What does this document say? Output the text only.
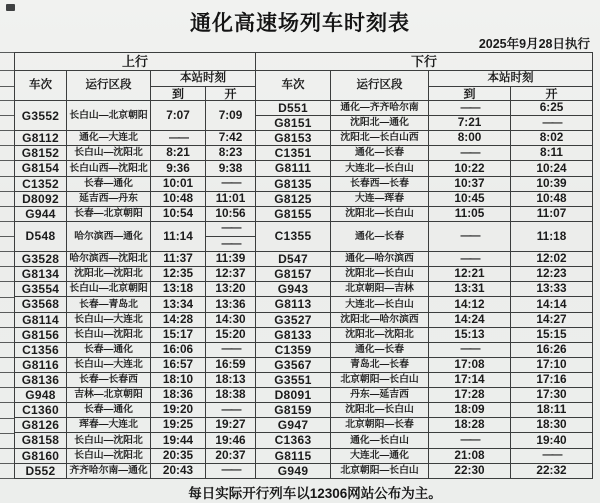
通化高速场列车时刻表
2025年9月28日执行
上行				下行			
车次	运行区段	本站时刻		车次	运行区段	本站时刻	
		到	开			到	开
G3552	长白山—北京朝阳	7:07	7:09	D551	通化—齐齐哈尔南	——	6:25
				G8151	沈阳北—通化	7:21	——
G8112	通化—大连北	——	7:42	G8153	沈阳北—长白山西	8:00	8:02
G8152	长白山—沈阳北	8:21	8:23	C1351	通化—长春	——	8:11
G8154	长白山西—沈阳北	9:36	9:38	G8111	大连北—长白山	10:22	10:24
C1352	长春—通化	10:01	——	G8135	长春西—长春	10:37	10:39
D8092	延吉西—丹东	10:48	11:01	G8125	大连—珲春	10:45	10:48
G944	长春—北京朝阳	10:54	10:56	G8155	沈阳北—长白山	11:05	11:07
D548	哈尔滨西—通化	11:14	——	C1355	通化—长春	——	11:18
			——				
G3528	哈尔滨西—沈阳北	11:37	11:39	D547	通化—哈尔滨西	——	12:02
G8134	沈阳北—沈阳北	12:35	12:37	G8157	沈阳北—长白山	12:21	12:23
G3554	长白山—北京朝阳	13:18	13:20	G943	北京朝阳—吉林	13:31	13:33
G3568	长春—青岛北	13:34	13:36	G8113	大连北—长白山	14:12	14:14
G8114	长白山—大连北	14:28	14:30	G3527	沈阳北—哈尔滨西	14:24	14:27
G8156	长白山—沈阳北	15:17	15:20	G8133	沈阳北—沈阳北	15:13	15:15
C1356	长春—通化	16:06	——	C1359	通化—长春	——	16:26
G8116	长白山—大连北	16:57	16:59	G3567	青岛北—长春	17:08	17:10
G8136	长春—长春西	18:10	18:13	G3551	北京朝阳—长白山	17:14	17:16
G948	吉林—北京朝阳	18:36	18:38	D8091	丹东—延吉西	17:28	17:30
C1360	长春—通化	19:20	——	G8159	沈阳北—长白山	18:09	18:11
G8126	珲春—大连北	19:25	19:27	G947	北京朝阳—长春	18:28	18:30
G8158	长白山—沈阳北	19:44	19:46	C1363	通化—长白山	——	19:40
G8160	长白山—沈阳北	20:35	20:37	G8115	大连北—通化	21:08	——
D552	齐齐哈尔南—通化	20:43	——	G949	北京朝阳—长白山	22:30	22:32
每日实际开行列车以12306网站公布为主。
